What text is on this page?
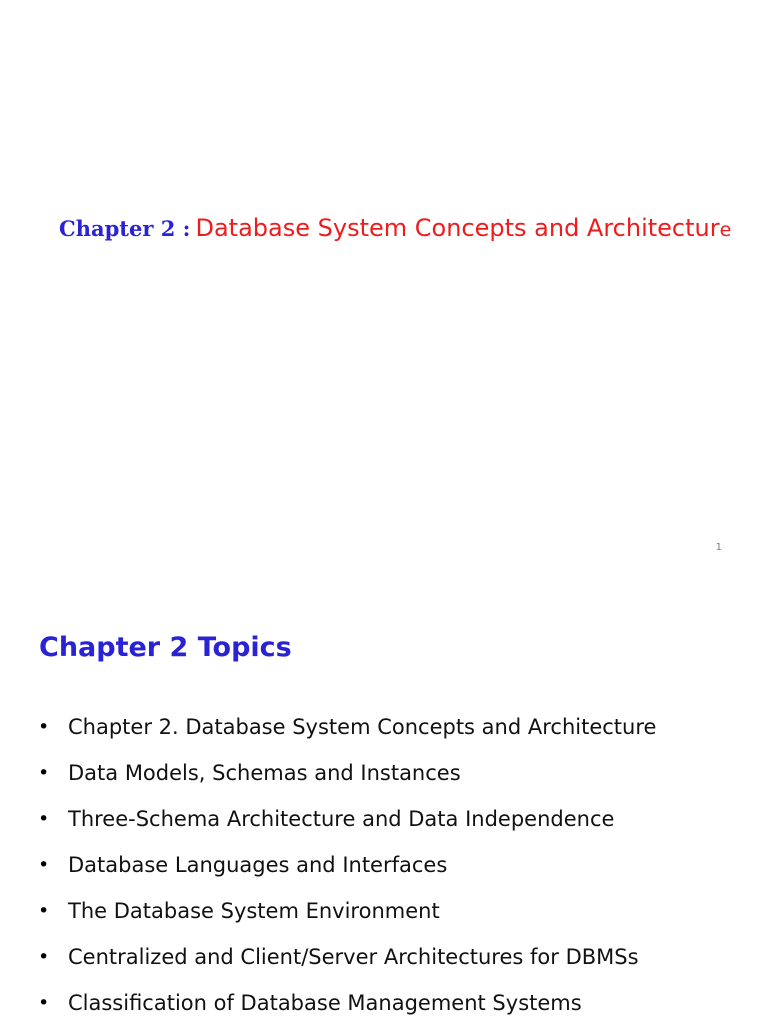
Chapter 2 : Database System Concepts and Architecture
1
Chapter 2 Topics
• Chapter 2. Database System Concepts and Architecture
• Data Models, Schemas and Instances
• Three-Schema Architecture and Data Independence
• Database Languages and Interfaces
• The Database System Environment
• Centralized and Client/Server Architectures for DBMSs
• Classification of Database Management Systems
